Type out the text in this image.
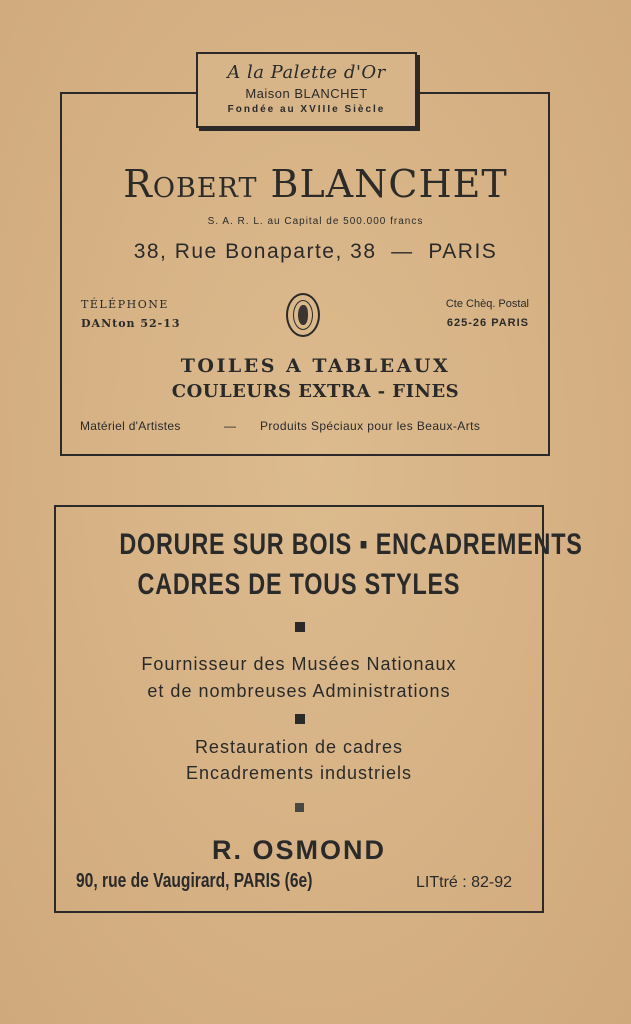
A la Palette d'Or
Maison BLANCHET
Fondée au XVIIIe Siècle
Robert BLANCHET
S. A. R. L. au Capital de 500.000 francs
38, Rue Bonaparte, 38  —  PARIS
TÉLÉPHONE
DANton 52-13
Cte Chèq. Postal
625-26 PARIS
TOILES A TABLEAUX
COULEURS EXTRA - FINES
Matériel d'Artistes	— Produits Spéciaux pour les Beaux-Arts
DORURE SUR BOIS ▪ ENCADREMENTS
CADRES DE TOUS STYLES
Fournisseur des Musées Nationaux
et de nombreuses Administrations
Restauration de cadres
Encadrements industriels
R. OSMOND
90, rue de Vaugirard, PARIS (6e)	LITtré : 82-92
